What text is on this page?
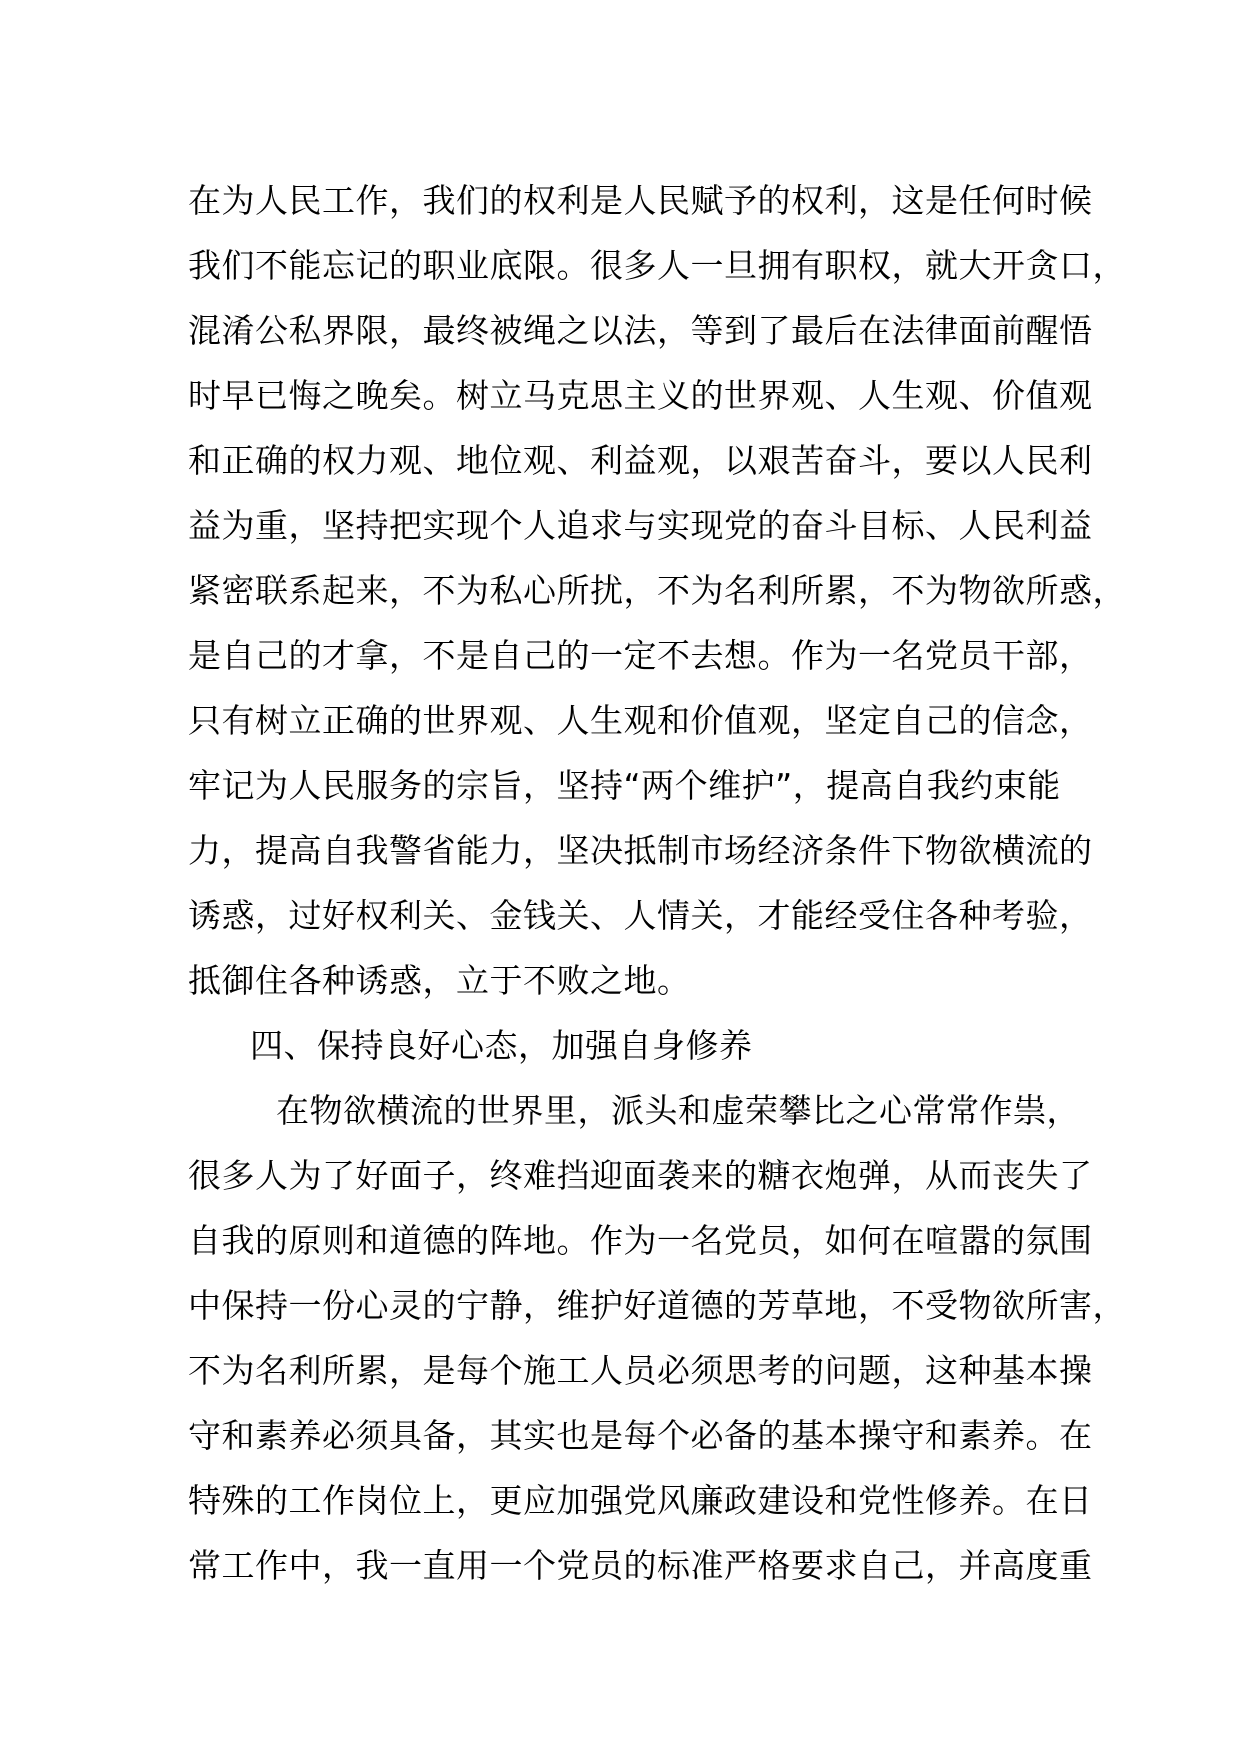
在为人民工作，我们的权利是人民赋予的权利，这是任何时候
我们不能忘记的职业底限。很多人一旦拥有职权，就大开贪口，
混淆公私界限，最终被绳之以法，等到了最后在法律面前醒悟
时早已悔之晚矣。树立马克思主义的世界观、人生观、价值观
和正确的权力观、地位观、利益观，以艰苦奋斗，要以人民利
益为重，坚持把实现个人追求与实现党的奋斗目标、人民利益
紧密联系起来，不为私心所扰，不为名利所累，不为物欲所惑，
是自己的才拿，不是自己的一定不去想。作为一名党员干部，
只有树立正确的世界观、人生观和价值观，坚定自己的信念，
牢记为人民服务的宗旨，坚持“两个维护”，提高自我约束能
力，提高自我警省能力，坚决抵制市场经济条件下物欲横流的
诱惑，过好权利关、金钱关、人情关，才能经受住各种考验，
抵御住各种诱惑，立于不败之地。
四、保持良好心态，加强自身修养
在物欲横流的世界里，派头和虚荣攀比之心常常作祟，
很多人为了好面子，终难挡迎面袭来的糖衣炮弹，从而丧失了
自我的原则和道德的阵地。作为一名党员，如何在喧嚣的氛围
中保持一份心灵的宁静，维护好道德的芳草地，不受物欲所害，
不为名利所累，是每个施工人员必须思考的问题，这种基本操
守和素养必须具备，其实也是每个必备的基本操守和素养。在
特殊的工作岗位上，更应加强党风廉政建设和党性修养。在日
常工作中，我一直用一个党员的标准严格要求自己，并高度重
